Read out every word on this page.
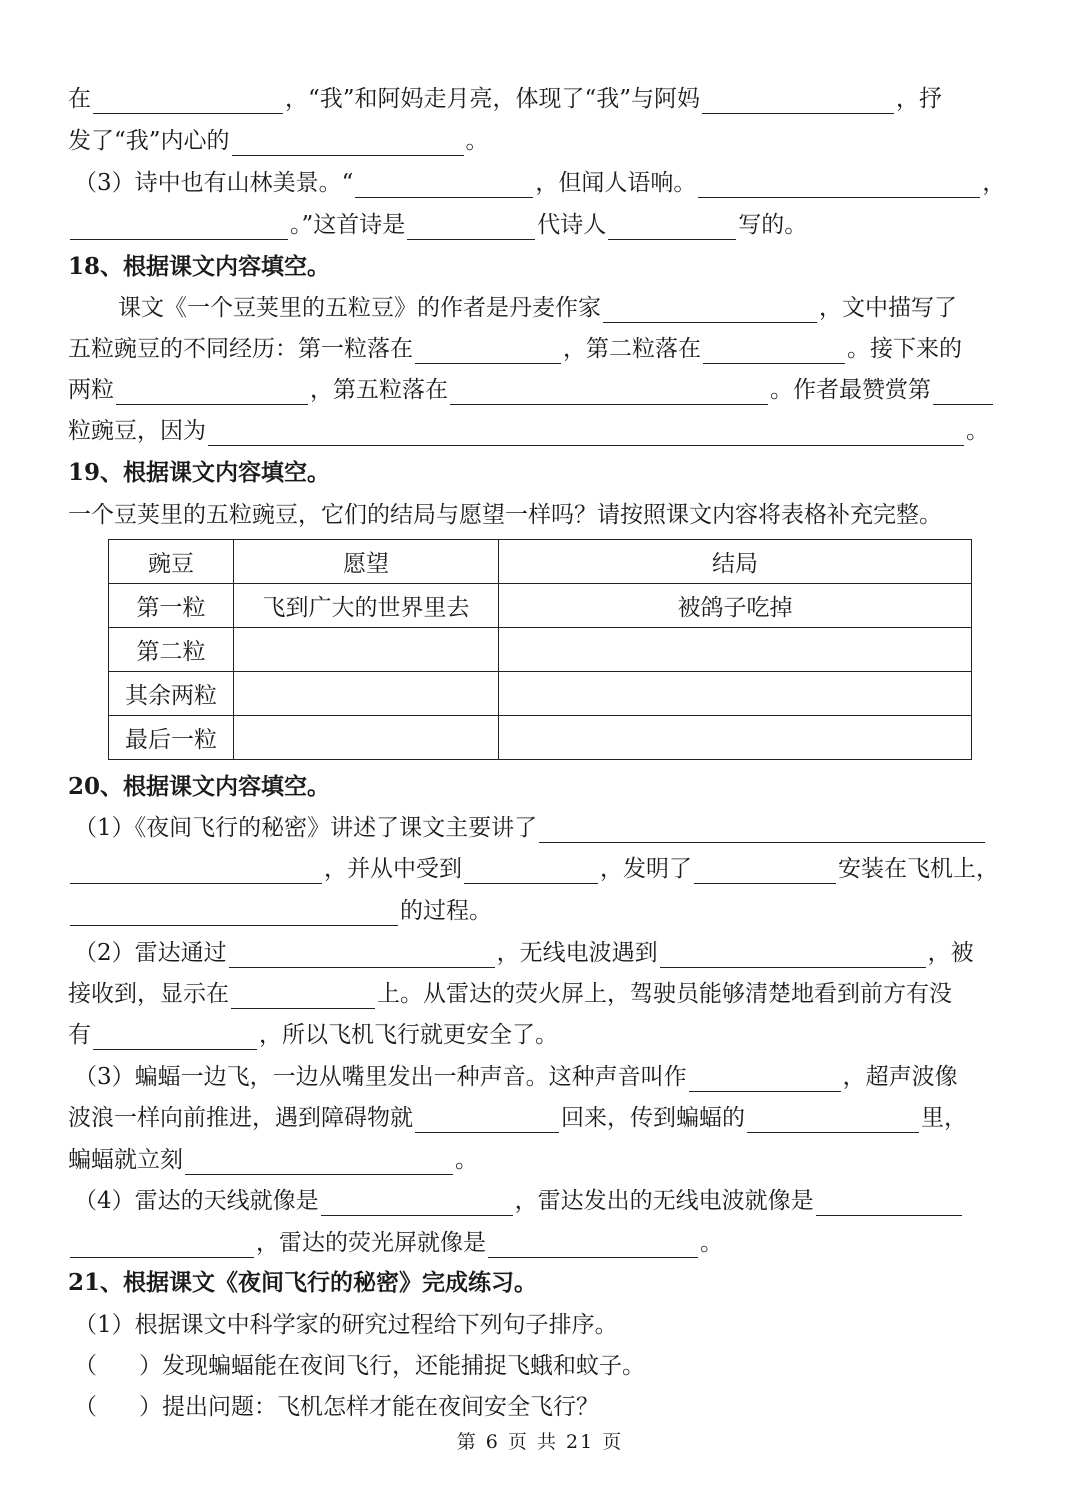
在	，“我”和阿妈走月亮，体现了“我”与阿妈	，抒
发了“我”内心的	。
（3）诗中也有山林美景。“	，但闻人语响。	，
。”这首诗是	代诗人	写的。
18、根据课文内容填空。
课文《一个豆荚里的五粒豆》的作者是丹麦作家	，文中描写了
五粒豌豆的不同经历：第一粒落在	，第二粒落在	。接下来的
两粒	，第五粒落在	。作者最赞赏第
粒豌豆，因为	。
19、根据课文内容填空。
一个豆荚里的五粒豌豆，它们的结局与愿望一样吗？请按照课文内容将表格补充完整。
豌豆	愿望	结局
第一粒	飞到广大的世界里去	被鸽子吃掉
第二粒		
其余两粒		
最后一粒		
20、根据课文内容填空。
（1）《夜间飞行的秘密》讲述了课文主要讲了
，并从中受到	，发明了	安装在飞机上，
的过程。
（2）雷达通过	，无线电波遇到	，被
接收到，显示在	上。从雷达的荧火屏上，驾驶员能够清楚地看到前方有没
有	，所以飞机飞行就更安全了。
（3）蝙蝠一边飞，一边从嘴里发出一种声音。这种声音叫作	，超声波像
波浪一样向前推进，遇到障碍物就	回来，传到蝙蝠的	里，
蝙蝠就立刻	。
（4）雷达的天线就像是	，雷达发出的无线电波就像是
，雷达的荧光屏就像是	。
21、根据课文《夜间飞行的秘密》完成练习。
（1）根据课文中科学家的研究过程给下列句子排序。
（ ） 发现蝙蝠能在夜间飞行，还能捕捉飞蛾和蚊子。
（ ） 提出问题：飞机怎样才能在夜间安全飞行？
第 6 页 共 21 页
